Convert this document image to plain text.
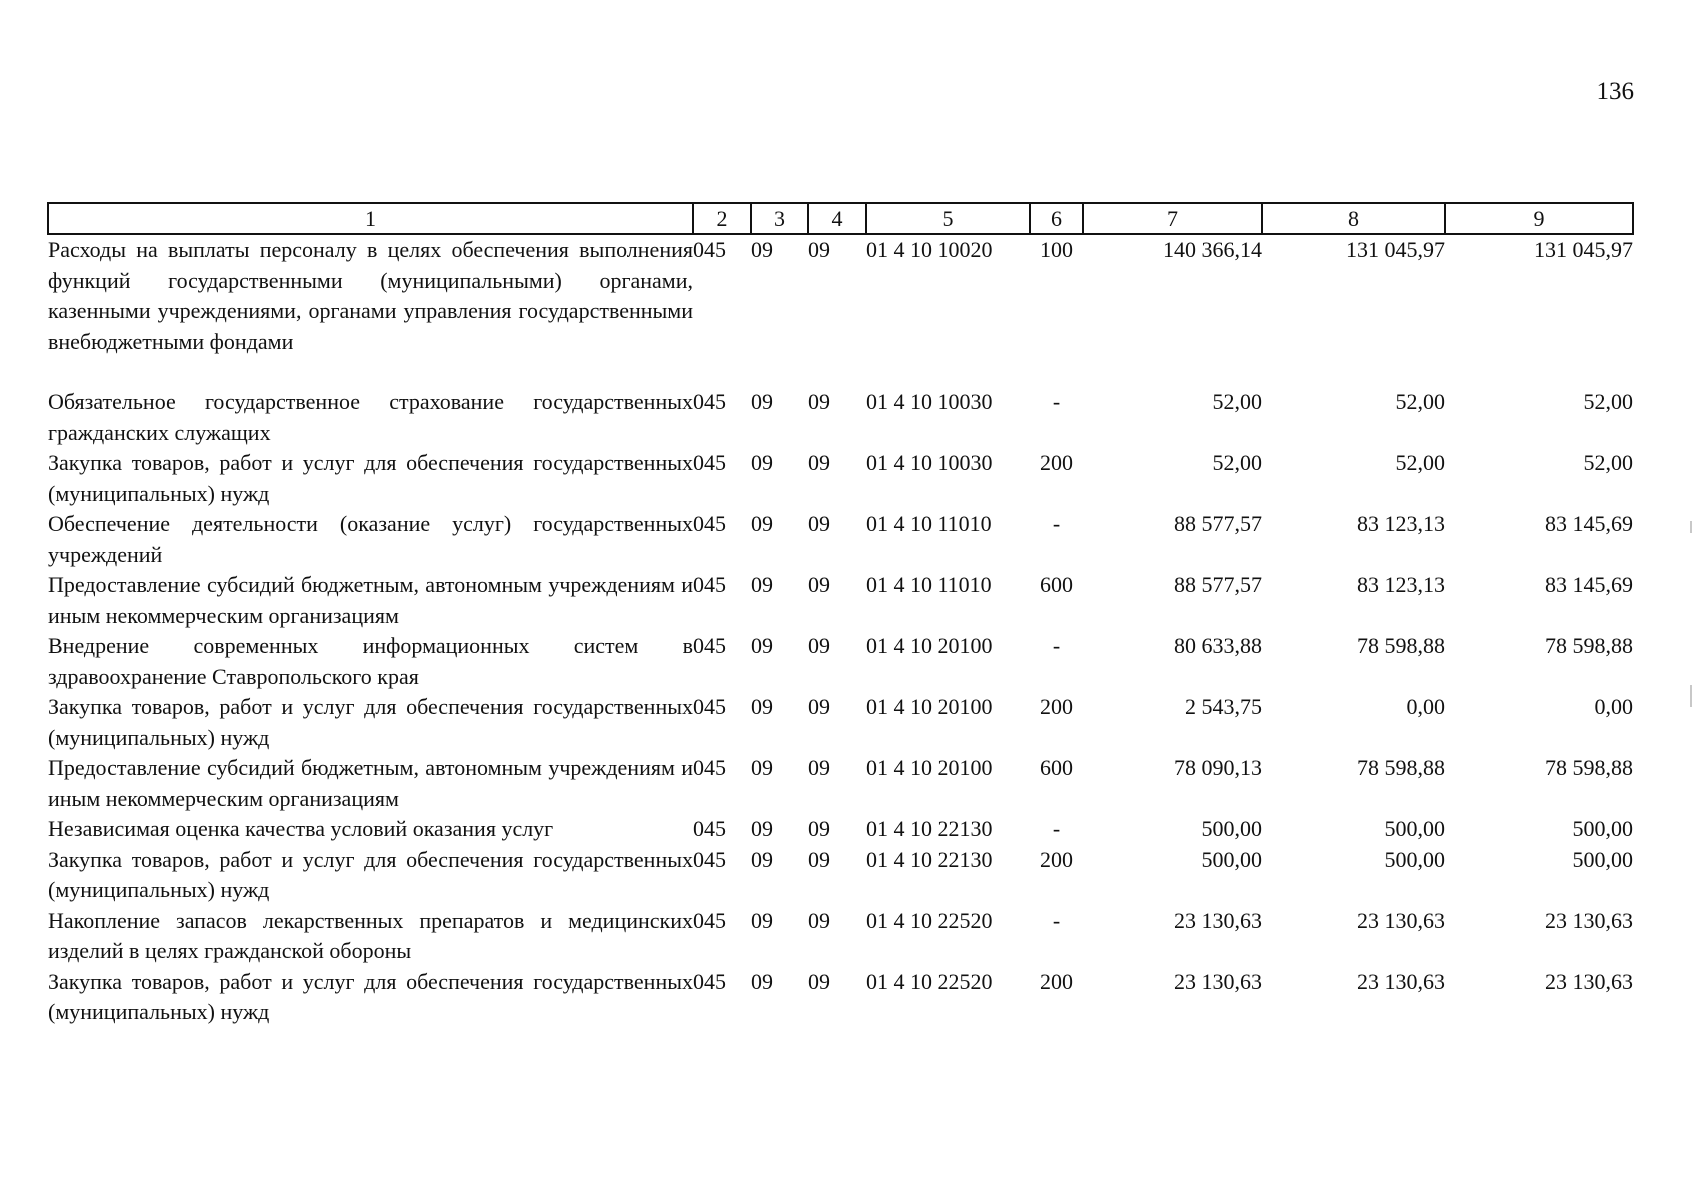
136
1	2	3	4	5	6	7	8	9
Расходы на выплаты персоналу в целях обеспечения выполнения функций государственными (муниципальными) органами, казенными учреждениями, органами управления государственными внебюджетными фондами	045	09	09	01 4 10 10020	100	140 366,14	131 045,97	131 045,97

Обязательное государственное страхование государственных гражданских служащих	045	09	09	01 4 10 10030	-	52,00	52,00	52,00
Закупка товаров, работ и услуг для обеспечения государственных (муниципальных) нужд	045	09	09	01 4 10 10030	200	52,00	52,00	52,00
Обеспечение деятельности (оказание услуг) государственных учреждений	045	09	09	01 4 10 11010	-	88 577,57	83 123,13	83 145,69
Предоставление субсидий бюджетным, автономным учреждениям и иным некоммерческим организациям	045	09	09	01 4 10 11010	600	88 577,57	83 123,13	83 145,69
Внедрение современных информационных систем в здравоохранение Ставропольского края	045	09	09	01 4 10 20100	-	80 633,88	78 598,88	78 598,88
Закупка товаров, работ и услуг для обеспечения государственных (муниципальных) нужд	045	09	09	01 4 10 20100	200	2 543,75	0,00	0,00
Предоставление субсидий бюджетным, автономным учреждениям и иным некоммерческим организациям	045	09	09	01 4 10 20100	600	78 090,13	78 598,88	78 598,88
Независимая оценка качества условий оказания услуг	045	09	09	01 4 10 22130	-	500,00	500,00	500,00
Закупка товаров, работ и услуг для обеспечения государственных (муниципальных) нужд	045	09	09	01 4 10 22130	200	500,00	500,00	500,00
Накопление запасов лекарственных препаратов и медицинских изделий в целях гражданской обороны	045	09	09	01 4 10 22520	-	23 130,63	23 130,63	23 130,63
Закупка товаров, работ и услуг для обеспечения государственных (муниципальных) нужд	045	09	09	01 4 10 22520	200	23 130,63	23 130,63	23 130,63
